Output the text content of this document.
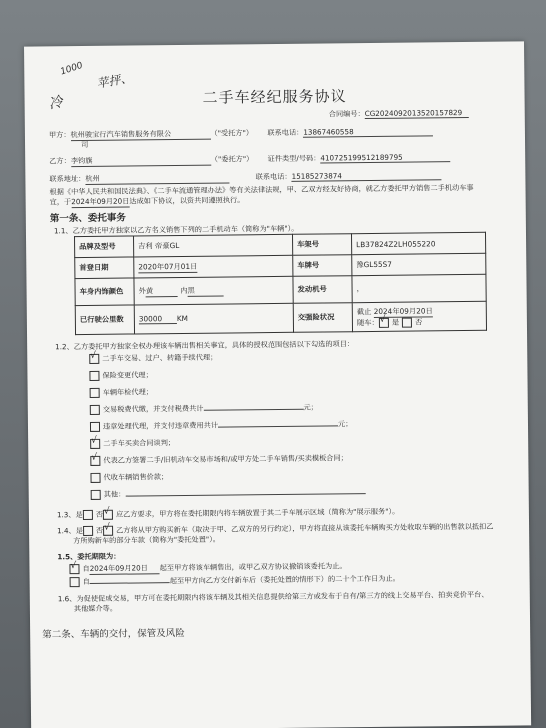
1000
苹抨、
冷	二手车经纪服务协议
合同编号：CG2024092013520157829
甲方：杭州骏宝行汽车销售服务有限公	（"受托方"） 联系电话：13867460558
司
乙方：李钧旗	（"委托方"） 证件类型/号码：410725199512189795
联系地址：杭州	联系电话：15185273874
根据《中华人民共和国民法典》、《二手车流通管理办法》等有关法律法规，甲、乙双方经友好协商，就乙方委托甲方销售二手机动车事
宜，于2024年09月20日达成如下协议，以资共同遵照执行。
第一条、委托事务
1.1、乙方委托甲方独家以乙方名义销售下列的二手机动车（简称为"车辆"）。
品牌及型号	吉利 帝豪GL	车架号	LB37824Z2LH055220
首登日期	2020年07月01日	车牌号	豫GL55S7
车身内饰颜色	外黄 内黑	发动机号	，
已行驶公里数	30000 KM	交强险状况	截止 2024年09月20日
随车： √ 是 否
1.2、乙方委托甲方独家全权办理该车辆出售相关事宜，具体的授权范围包括以下勾选的项目：
√二手车交易、过户、转籍手续代理；
保险变更代理；
车辆年检代理；
交易税费代缴，并支付税费共计	元；
违章处理代理，并支付违章费用共计	元；
√二手车买卖合同谈判；
√代表乙方签署二手/旧机动车交易市场和/或甲方处二手车销售/买卖模板合同；
代收车辆销售价款；
其他：
1.3、是 否 √ 应乙方要求，甲方将在委托期限内将车辆放置于其二手车展示区域（简称为"展示服务"）。
1.4、是 否 √ 乙方将从甲方购买新车（取决于甲、乙双方的另行约定），甲方将直接从该委托车辆购买方处收取车辆的出售款以抵扣乙
方所购新车的部分车款（简称为"委托处置"）。
1.5、委托期限为：
√自2024年09月20日 起至甲方将该车辆售出，或甲乙双方协议撤销该委托为止。
自	起至甲方向乙方交付新车后（委托处置的情形下）的二十个工作日为止。
1.6、为促使促成交易，甲方可在委托期限内将该车辆及其相关信息提供给第三方或发布于自有/第三方的线上交易平台、拍卖竞价平台、
其他媒介等。
第二条、车辆的交付，保管及风险
